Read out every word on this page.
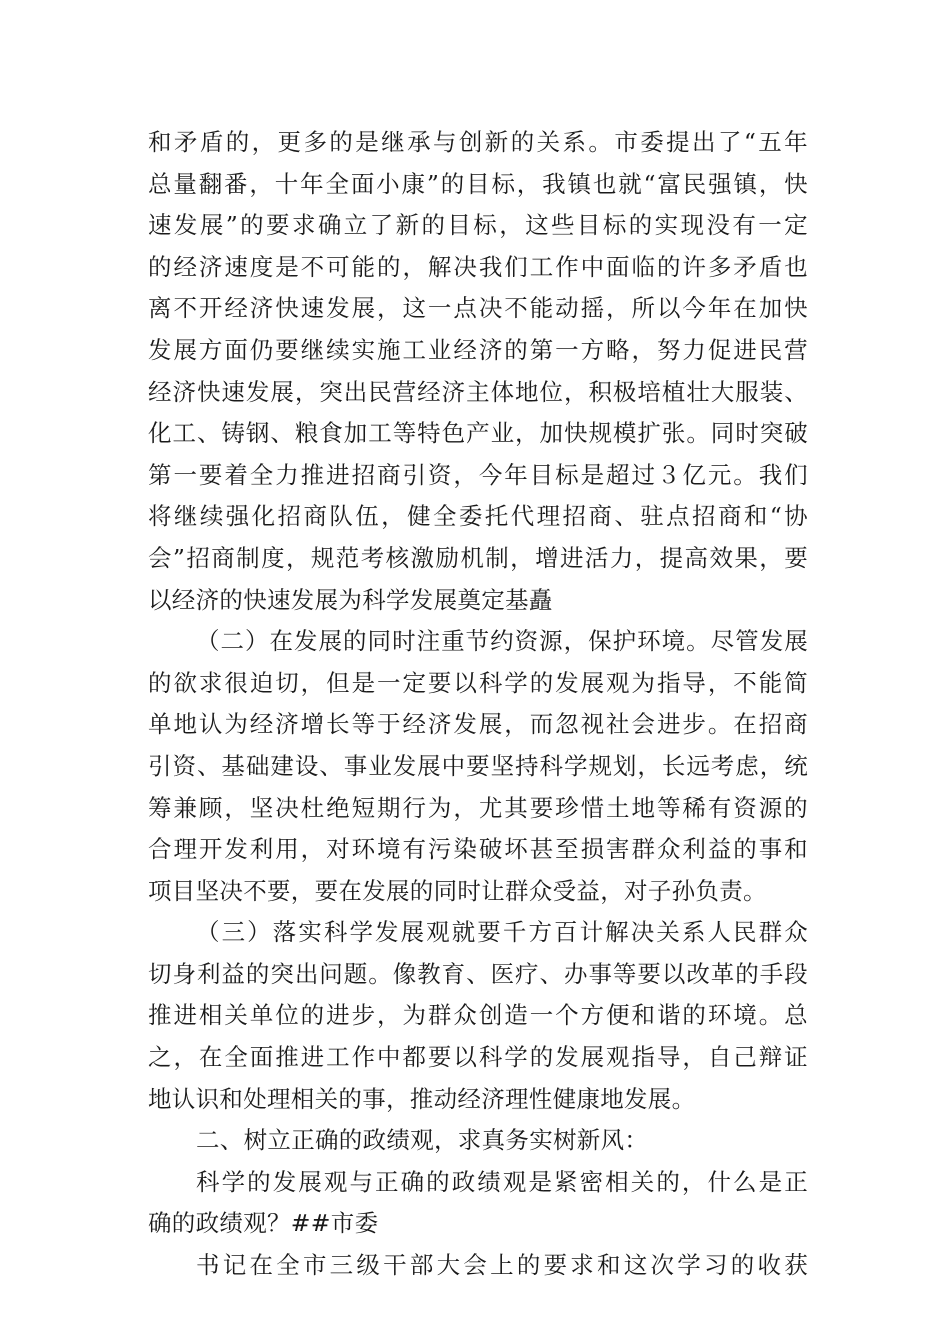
和矛盾的，更多的是继承与创新的关系。市委提出了“五年
总量翻番，十年全面小康”的目标，我镇也就“富民强镇，快
速发展”的要求确立了新的目标，这些目标的实现没有一定
的经济速度是不可能的，解决我们工作中面临的许多矛盾也
离不开经济快速发展，这一点决不能动摇，所以今年在加快
发展方面仍要继续实施工业经济的第一方略，努力促进民营
经济快速发展，突出民营经济主体地位，积极培植壮大服装、
化工、铸钢、粮食加工等特色产业，加快规模扩张。同时突破
第一要着全力推进招商引资，今年目标是超过３亿元。我们
将继续强化招商队伍，健全委托代理招商、驻点招商和“协
会”招商制度，规范考核激励机制，增进活力，提高效果，要
以经济的快速发展为科学发展奠定基矗
（二）在发展的同时注重节约资源，保护环境。尽管发展
的欲求很迫切，但是一定要以科学的发展观为指导，不能简
单地认为经济增长等于经济发展，而忽视社会进步。在招商
引资、基础建设、事业发展中要坚持科学规划，长远考虑，统
筹兼顾，坚决杜绝短期行为，尤其要珍惜土地等稀有资源的
合理开发利用，对环境有污染破坏甚至损害群众利益的事和
项目坚决不要，要在发展的同时让群众受益，对子孙负责。
（三）落实科学发展观就要千方百计解决关系人民群众
切身利益的突出问题。像教育、医疗、办事等要以改革的手段
推进相关单位的进步，为群众创造一个方便和谐的环境。总
之，在全面推进工作中都要以科学的发展观指导，自己辩证
地认识和处理相关的事，推动经济理性健康地发展。
二、树立正确的政绩观，求真务实树新风：
科学的发展观与正确的政绩观是紧密相关的，什么是正
确的政绩观？##市委
书记在全市三级干部大会上的要求和这次学习的收获
